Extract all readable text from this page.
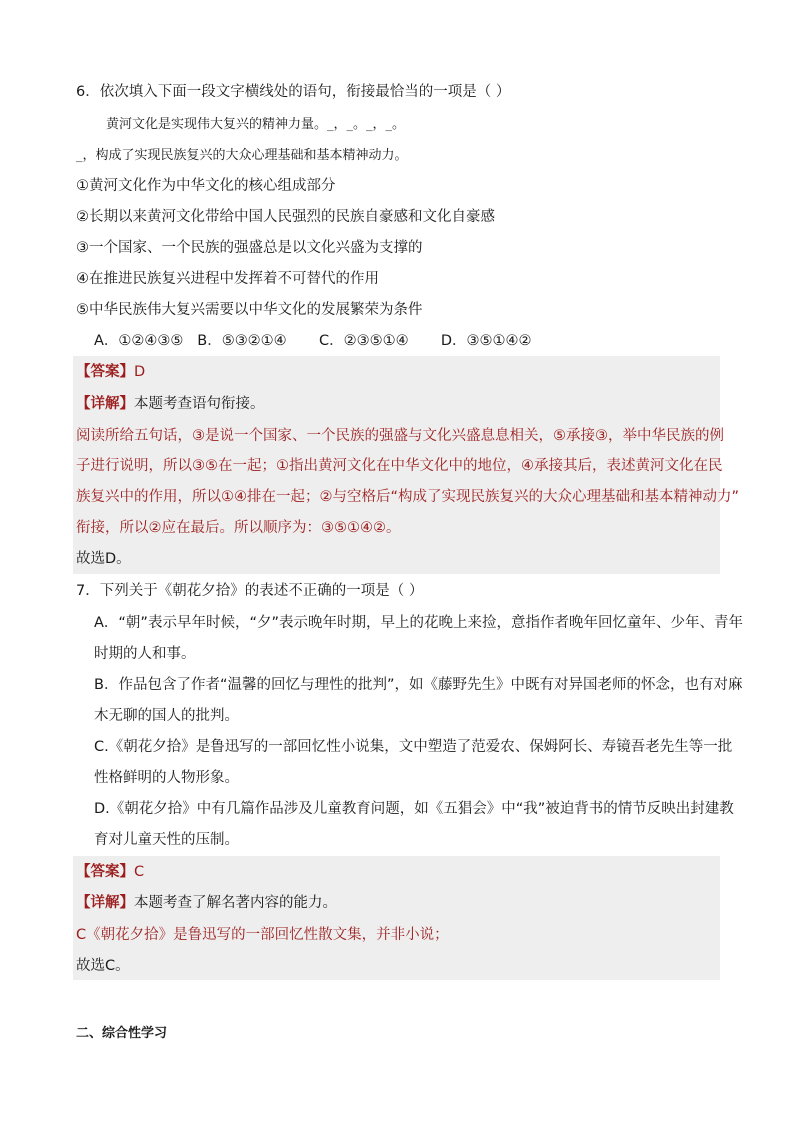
6．依次填入下面一段文字横线处的语句，衔接最恰当的一项是（ ）
黄河文化是实现伟大复兴的精神力量。_，_。_，_。
_，构成了实现民族复兴的大众心理基础和基本精神动力。
①黄河文化作为中华文化的核心组成部分
②长期以来黄河文化带给中国人民强烈的民族自豪感和文化自豪感
③一个国家、一个民族的强盛总是以文化兴盛为支撑的
④在推进民族复兴进程中发挥着不可替代的作用
⑤中华民族伟大复兴需要以中华文化的发展繁荣为条件
A．①②④③⑤   B．⑤③②①④       C．②③⑤①④       D．③⑤①④②
【答案】D
【详解】本题考查语句衔接。
阅读所给五句话，③是说一个国家、一个民族的强盛与文化兴盛息息相关，⑤承接③，举中华民族的例
子进行说明，所以③⑤在一起；①指出黄河文化在中华文化中的地位，④承接其后，表述黄河文化在民
族复兴中的作用，所以①④排在一起；②与空格后“构成了实现民族复兴的大众心理基础和基本精神动力”
衔接，所以②应在最后。所以顺序为：③⑤①④②。
故选D。
7．下列关于《朝花夕拾》的表述不正确的一项是（ ）
A．“朝”表示早年时候，“夕”表示晚年时期，早上的花晚上来捡，意指作者晚年回忆童年、少年、青年
时期的人和事。
B．作品包含了作者“温馨的回忆与理性的批判”，如《藤野先生》中既有对异国老师的怀念，也有对麻
木无聊的国人的批判。
C.《朝花夕拾》是鲁迅写的一部回忆性小说集，文中塑造了范爱农、保姆阿长、寿镜吾老先生等一批
性格鲜明的人物形象。
D.《朝花夕拾》中有几篇作品涉及儿童教育问题，如《五猖会》中“我”被迫背书的情节反映出封建教
育对儿童天性的压制。
【答案】C
【详解】本题考查了解名著内容的能力。
C《朝花夕拾》是鲁迅写的一部回忆性散文集，并非小说；
故选C。
二、综合性学习
